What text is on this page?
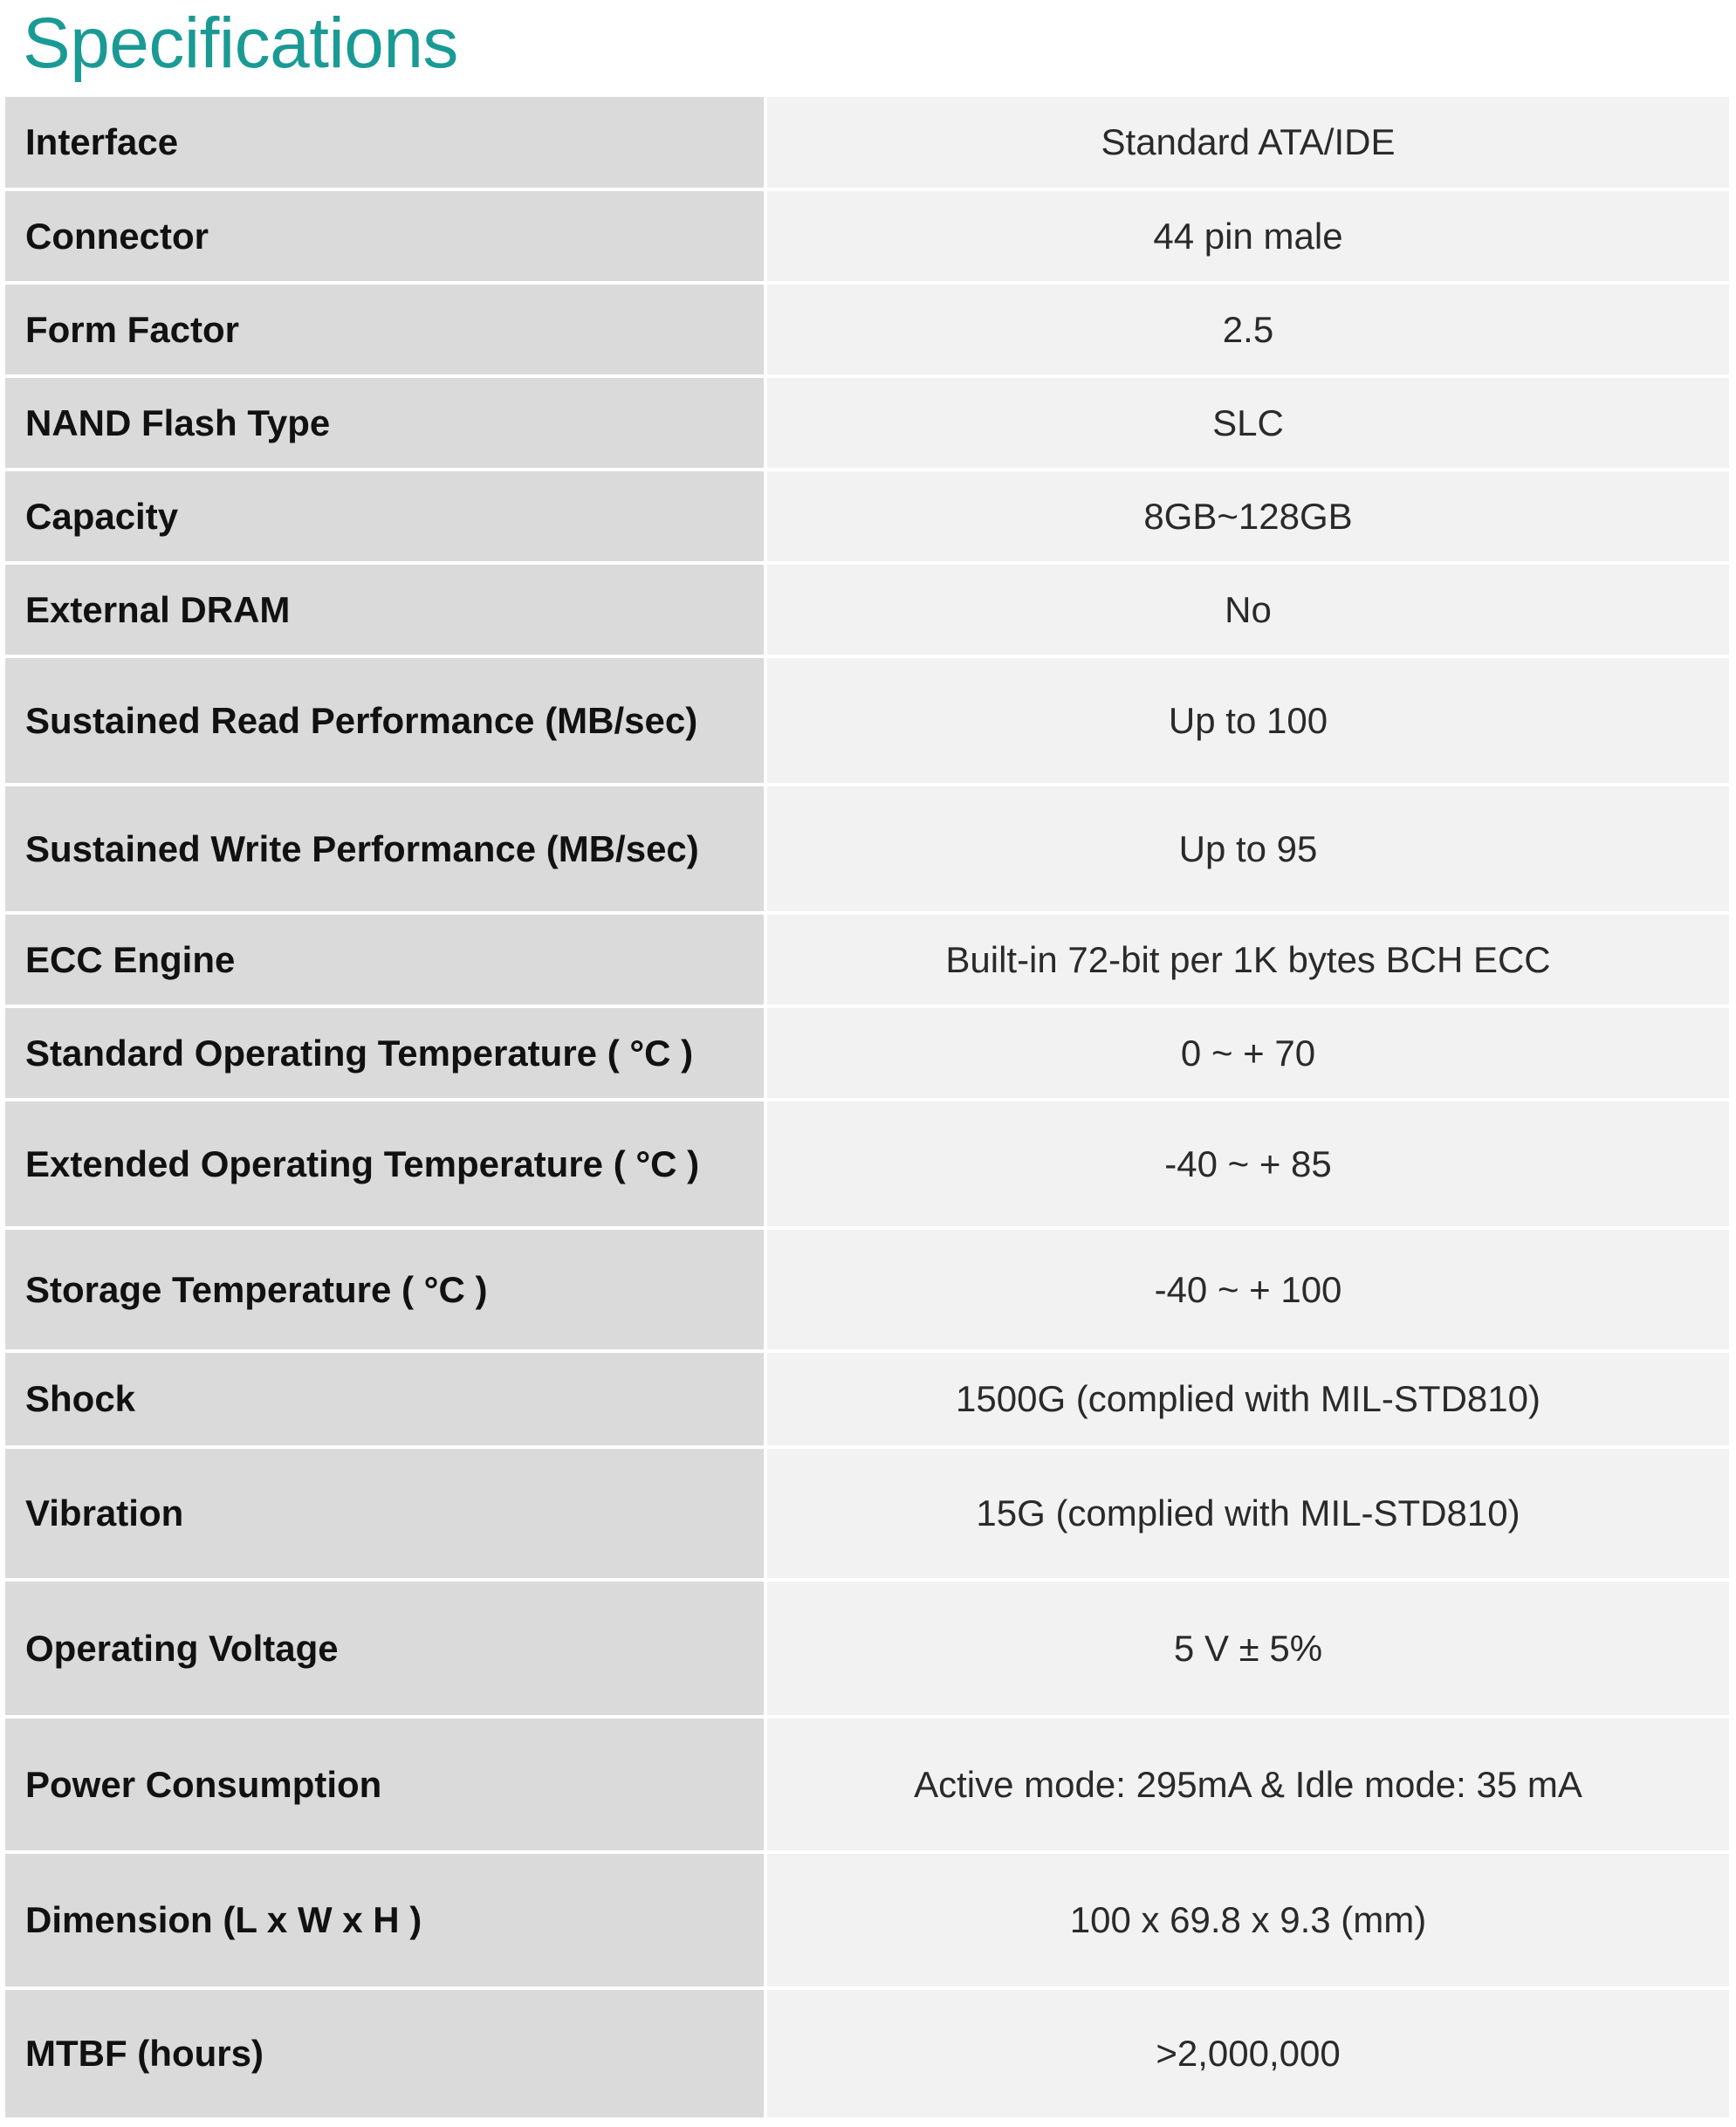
Specifications
Interface	Standard ATA/IDE
Connector	44 pin male
Form Factor	2.5
NAND Flash Type	SLC
Capacity	8GB~128GB
External DRAM	No
Sustained Read Performance (MB/sec)	Up to 100
Sustained Write Performance (MB/sec)	Up to 95
ECC Engine	Built-in 72-bit per 1K bytes BCH ECC
Standard Operating Temperature ( °C )	0 ~ + 70
Extended Operating Temperature ( °C )	-40 ~ + 85
Storage Temperature ( °C )	-40 ~ + 100
Shock	1500G (complied with MIL-STD810)
Vibration	15G (complied with MIL-STD810)
Operating Voltage	5 V ± 5%
Power Consumption	Active mode: 295mA & Idle mode: 35 mA
Dimension (L x W x H )	100 x 69.8 x 9.3 (mm)
MTBF (hours)	>2,000,000
